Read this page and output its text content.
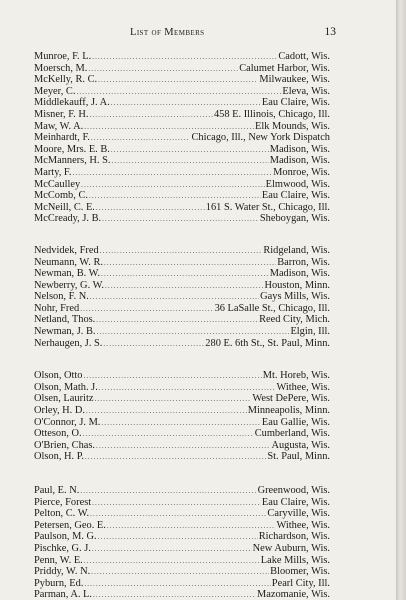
List of Members	13
Munroe, F. L. . . .	Cadott, Wis.
Moersch, M. . . .	Calumet Harbor, Wis.
McKelly, R. C. . . .	Milwaukee, Wis.
Meyer, C. . . .	Eleva, Wis.
Middlekauff, J. A. . . .	Eau Claire, Wis.
Misner, F. H. . . .	458 E. Illinois, Chicago, Ill.
Maw, W. A. . . .	Elk Mounds, Wis.
Meinhardt, F. . . .	Chicago, Ill., New York Dispatch
Moore, Mrs. E. B. . . .	Madison, Wis.
McManners, H. S. . . .	Madison, Wis.
Marty, F. . . .	Monroe, Wis.
McCaulley . . .	Elmwood, Wis.
McComb, C. . . .	Eau Claire, Wis.
McNeill, C. E. . . .	161 S. Water St., Chicago, Ill.
McCready, J. B. . . .	Sheboygan, Wis.
Nedvidek, Fred . . .	Ridgeland, Wis.
Neumann, W. R. . . .	Barron, Wis.
Newman, B. W. . . .	Madison, Wis.
Newberry, G. W. . . .	Houston, Minn.
Nelson, F. N. . . .	Gays Mills, Wis.
Nohr, Fred . . .	36 LaSalle St., Chicago, Ill.
Netland, Thos. . . .	Reed City, Mich.
Newman, J. B. . . .	Elgin, Ill.
Nerhaugen, J. S. . . .	280 E. 6th St., St. Paul, Minn.
Olson, Otto . . .	Mt. Horeb, Wis.
Olson, Math. J. . . .	Withee, Wis.
Olsen, Lauritz . . .	West DePere, Wis.
Orley, H. D. . . .	Minneapolis, Minn.
O'Connor, J. M. . . .	Eau Gallie, Wis.
Otteson, O. . . .	Cumberland, Wis.
O'Brien, Chas. . . .	Augusta, Wis.
Olson, H. P. . . .	St. Paul, Minn.
Paul, E. N. . . .	Greenwood, Wis.
Pierce, Forest . . .	Eau Claire, Wis.
Pelton, C. W. . . .	Caryville, Wis.
Petersen, Geo. E. . . .	Withee, Wis.
Paulson, M. G. . . .	Richardson, Wis.
Pischke, G. J. . . .	New Auburn, Wis.
Penn, W. E. . . .	Lake Mills, Wis.
Priddy, W. N. . . .	Bloomer, Wis.
Pyburn, Ed. . . .	Pearl City, Ill.
Parman, A. L. . . .	Mazomanie, Wis.
